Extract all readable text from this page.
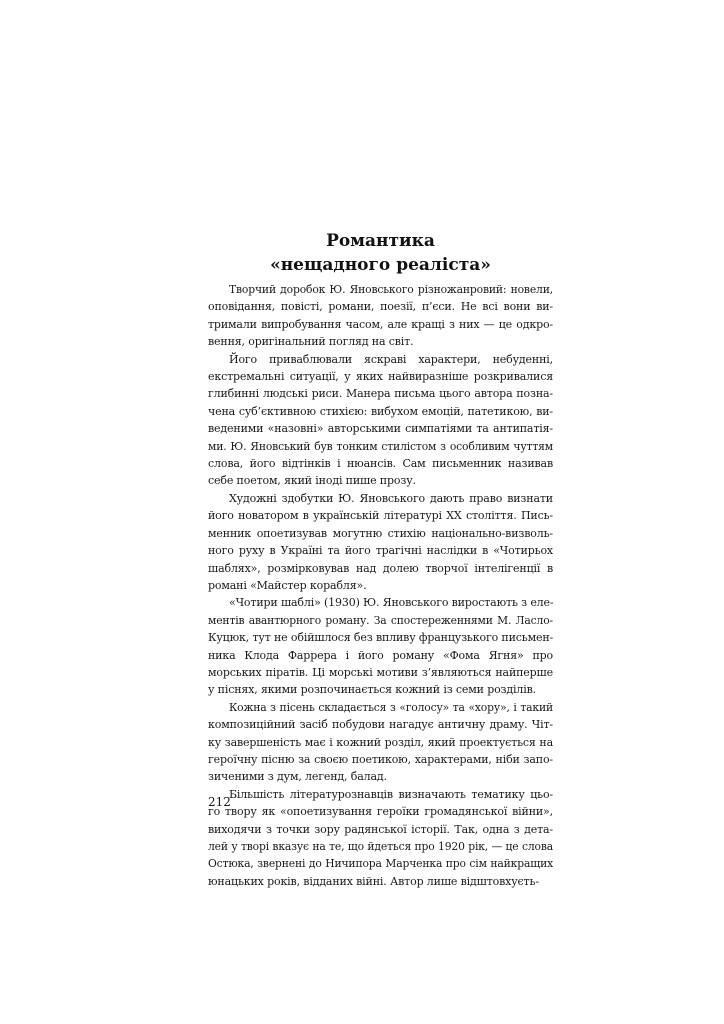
Романтика
«нещадного реаліста»

Творчий доробок Ю. Яновського різножанровий: новели,
оповідання, повісті, романи, поезії, п’єси. Не всі вони ви-
тримали випробування часом, але кращі з них — це одкро-
вення, оригінальний погляд на світ.

Його приваблювали яскраві характери, небуденні,
екстремальні ситуації, у яких найвиразніше розкривалися
глибинні людські риси. Манера письма цього автора позна-
чена суб’єктивною стихією: вибухом емоцій, патетикою, ви-
веденими «назовні» авторськими симпатіями та антипатія-
ми. Ю. Яновський був тонким стилістом з особливим чуттям
слова, його відтінків і нюансів. Сам письменник називав
себе поетом, який іноді пише прозу.

Художні здобутки Ю. Яновського дають право визнати
його новатором в українській літературі ХХ століття. Пись-
менник опоетизував могутню стихію національно-визволь-
ного руху в Україні та його трагічні наслідки в «Чотирьох
шаблях», розмірковував над долею творчої інтелігенції в
романі «Майстер корабля».

«Чотири шаблі» (1930) Ю. Яновського виростають з еле-
ментів авантюрного роману. За спостереженнями М. Ласло-
Куцюк, тут не обійшлося без впливу французького письмен-
ника Клода Фаррера і його роману «Фома Ягня» про
морських піратів. Ці морські мотиви з’являються найперше
у піснях, якими розпочинається кожний із семи розділів.

Кожна з пісень складається з «голосу» та «хору», і такий
композиційний засіб побудови нагадує античну драму. Чіт-
ку завершеність має і кожний розділ, який проектується на
героїчну пісню за своєю поетикою, характерами, ніби запо-
зиченими з дум, легенд, балад.

Більшість літературознавців визначають тематику цьо-
го твору як «опоетизування героїки громадянської війни»,
виходячи з точки зору радянської історії. Так, одна з дета-
лей у творі вказує на те, що йдеться про 1920 рік, — це слова
Остюка, звернені до Ничипора Марченка про сім найкращих
юнацьких років, відданих війні. Автор лише відштовхуєть-

212
